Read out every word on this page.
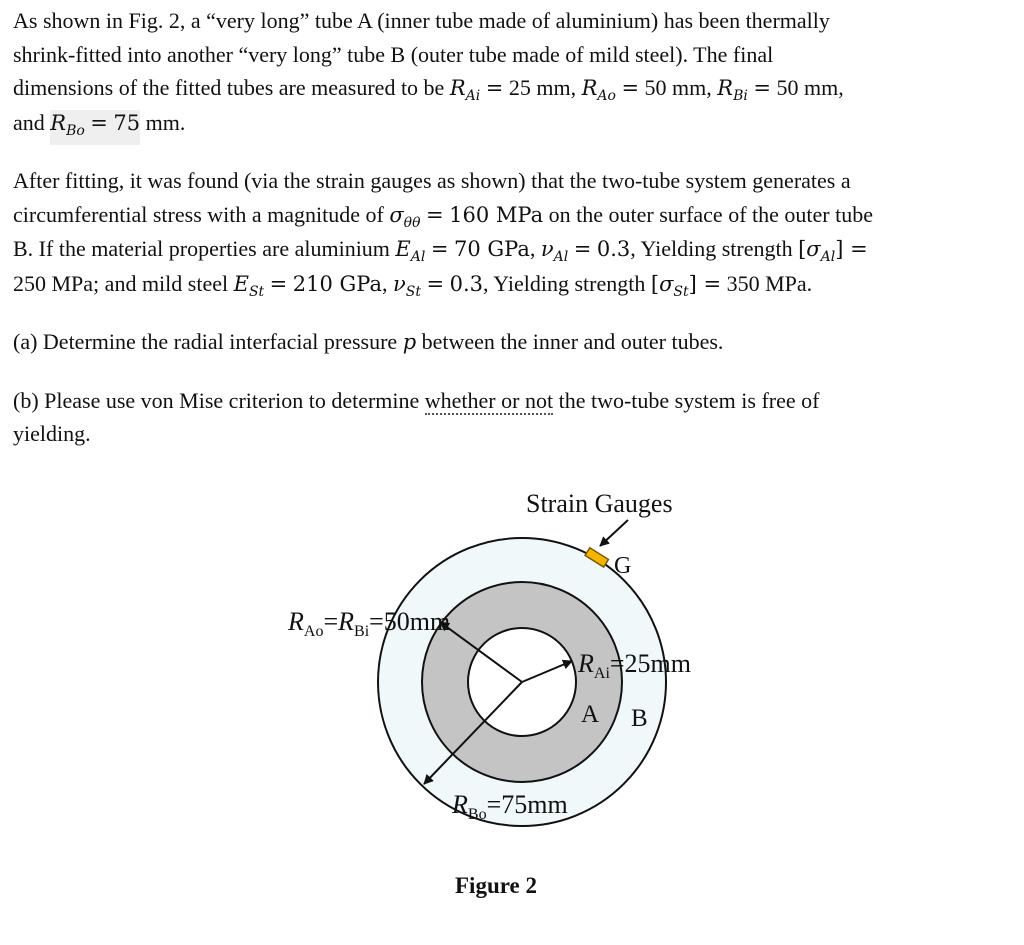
As shown in Fig. 2, a “very long” tube A (inner tube made of aluminium) has been thermally
shrink-fitted into another “very long” tube B (outer tube made of mild steel). The final
dimensions of the fitted tubes are measured to be $R_{Ai} = 25$ mm, $R_{Ao} = 50$ mm, $R_{Bi} = 50$ mm,
and $R_{Bo} = 75$ mm.
After fitting, it was found (via the strain gauges as shown) that the two-tube system generates a
circumferential stress with a magnitude of $\sigma_{\theta\theta} = 160$ MPa on the outer surface of the outer tube
B. If the material properties are aluminium $E_{Al} = 70$ GPa, $\nu_{Al} = 0.3$, Yielding strength $[\sigma_{Al}]$ =
250 MPa; and mild steel $E_{St} = 210$ GPa, $\nu_{St} = 0.3$, Yielding strength $[\sigma_{St}] = 350$ MPa.
(a) Determine the radial interfacial pressure p between the inner and outer tubes.
(b) Please use von Mise criterion to determine whether or not the two-tube system is free of
yielding.
Strain Gauges
G
$R_{Ao}=R_{Bi}=50mm$
$R_{Ai}=25mm$
$R_{Bo}=75mm$
A B
Figure 2
